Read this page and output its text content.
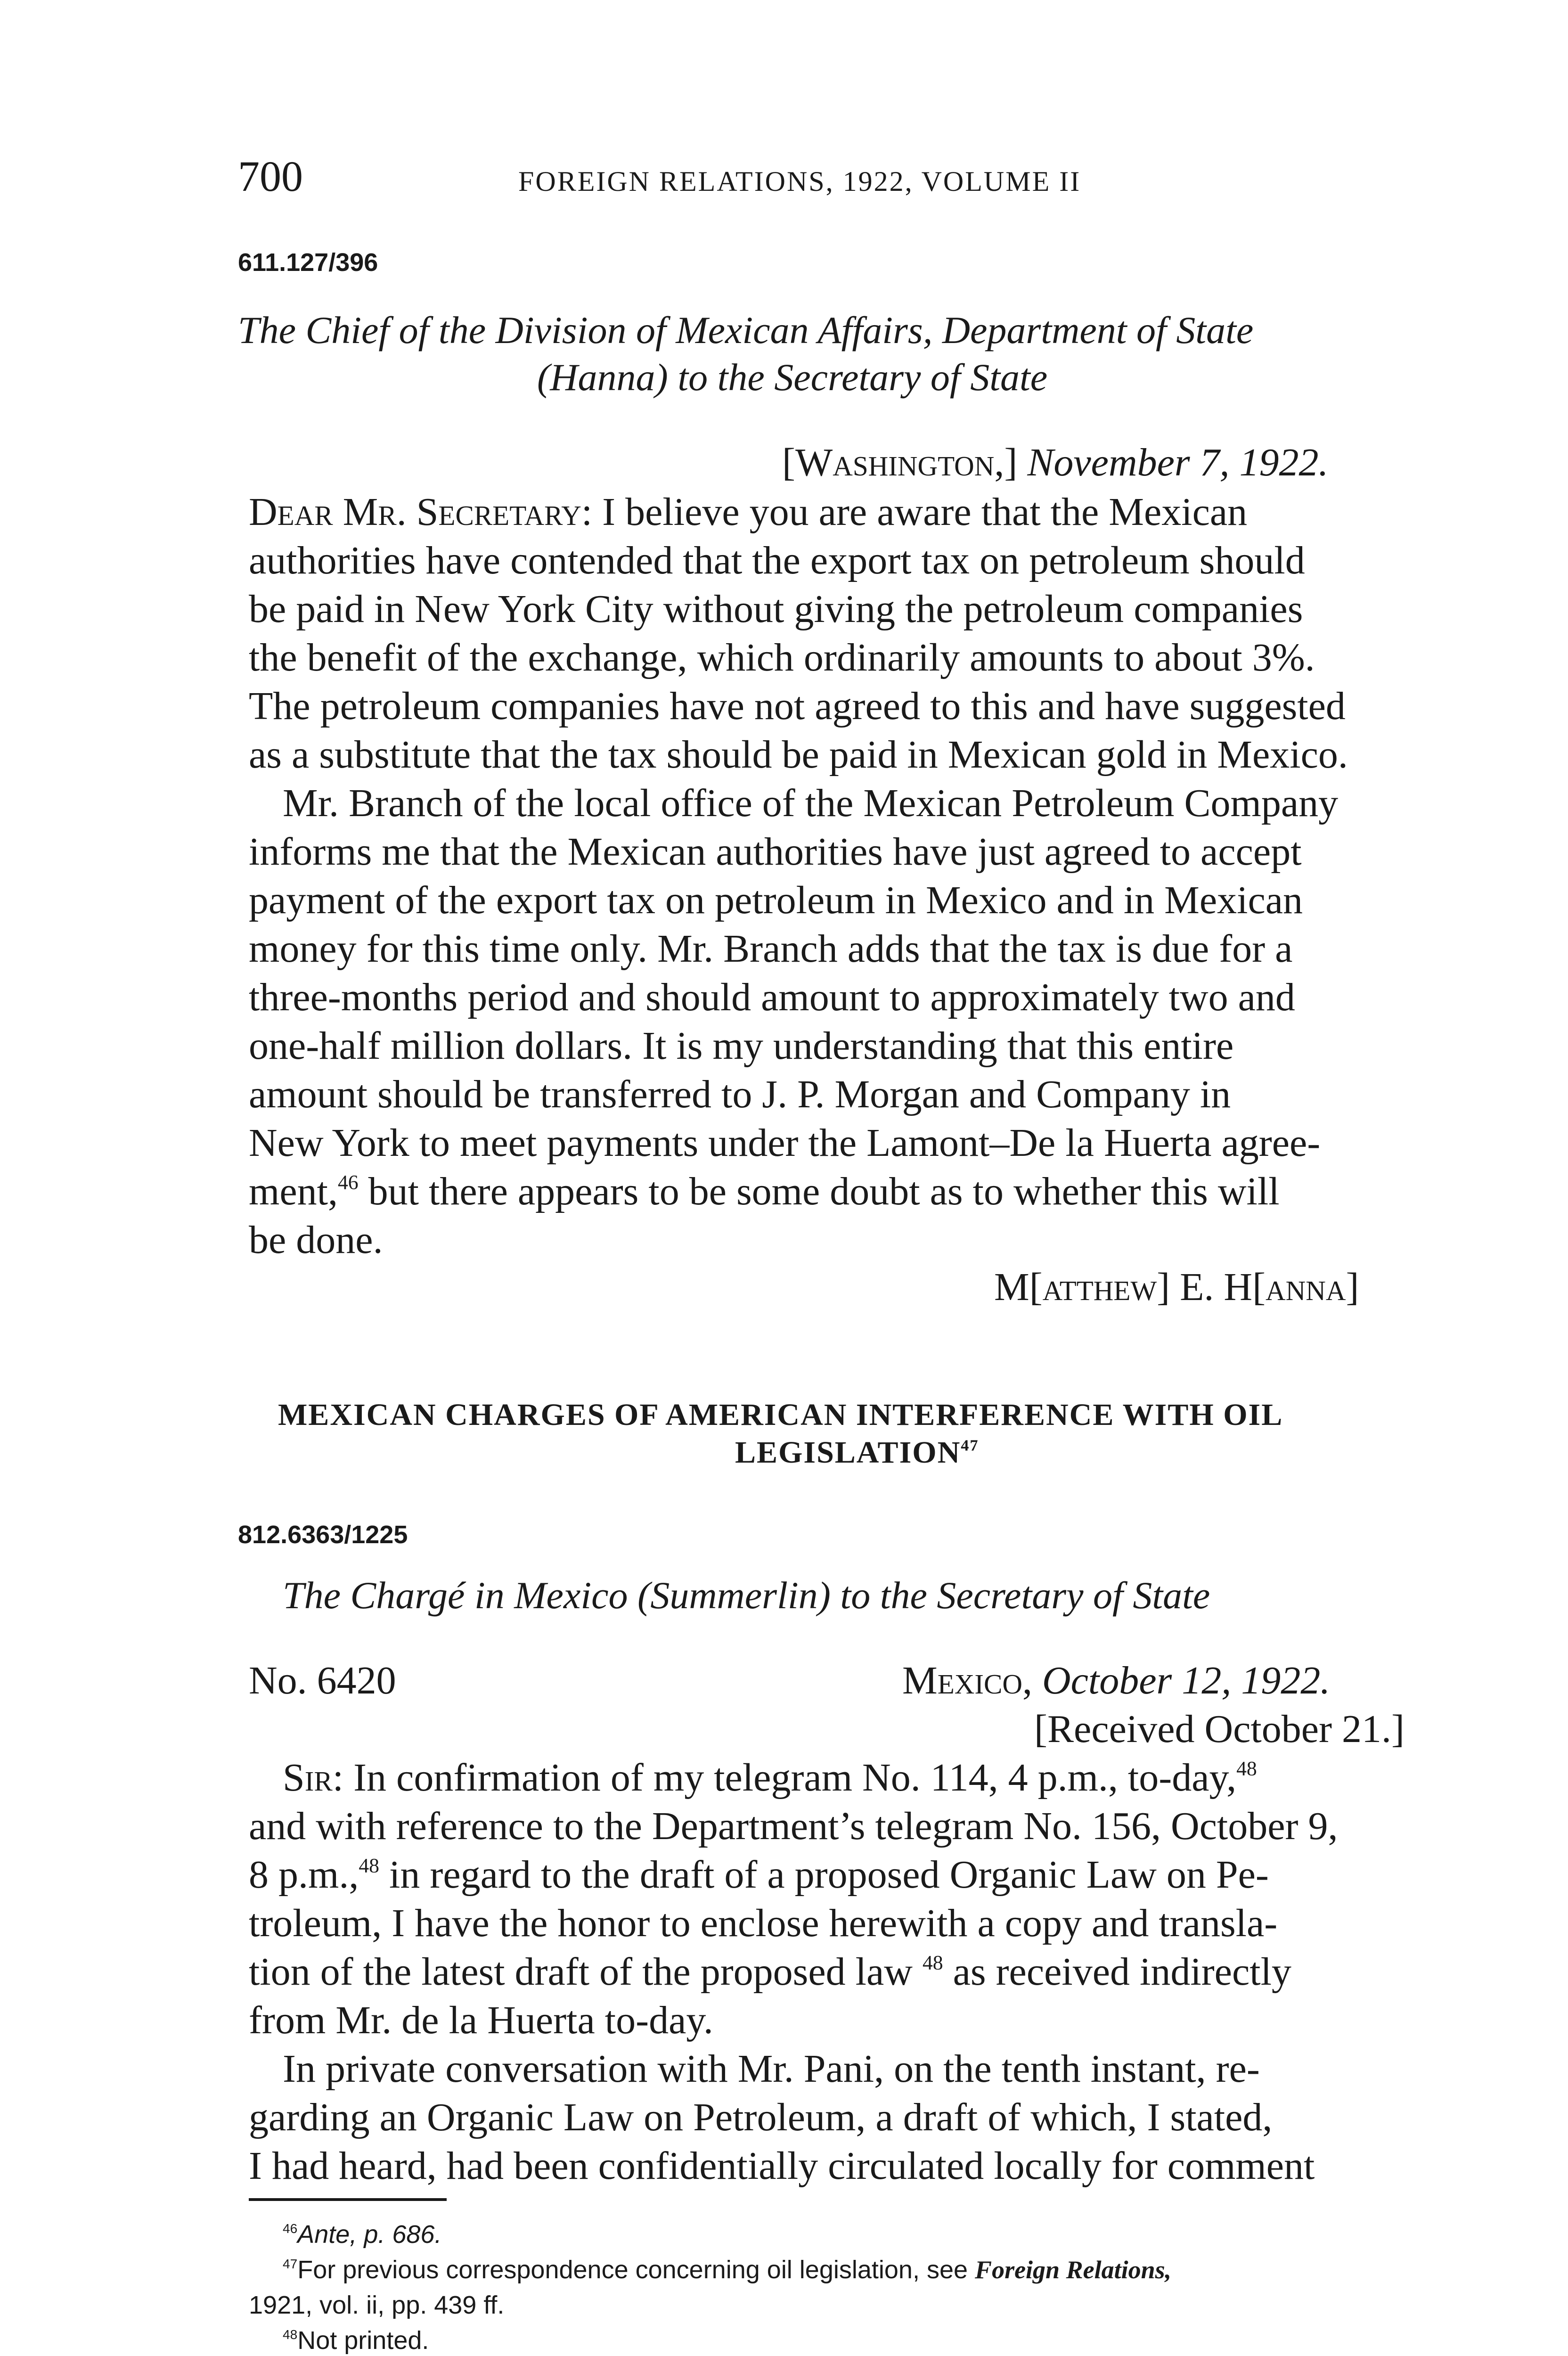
700	FOREIGN RELATIONS, 1922, VOLUME II
611.127/396
The Chief of the Division of Mexican Affairs, Department of State
(Hanna) to the Secretary of State
[Washington,] November 7, 1922.
Dear Mr. Secretary: I believe you are aware that the Mexican
authorities have contended that the export tax on petroleum should
be paid in New York City without giving the petroleum companies
the benefit of the exchange, which ordinarily amounts to about 3%.
The petroleum companies have not agreed to this and have suggested
as a substitute that the tax should be paid in Mexican gold in Mexico.
Mr. Branch of the local office of the Mexican Petroleum Company
informs me that the Mexican authorities have just agreed to accept
payment of the export tax on petroleum in Mexico and in Mexican
money for this time only. Mr. Branch adds that the tax is due for a
three-months period and should amount to approximately two and
one-half million dollars. It is my understanding that this entire
amount should be transferred to J. P. Morgan and Company in
New York to meet payments under the Lamont–De la Huerta agree-
ment,$^{46}$ but there appears to be some doubt as to whether this will
be done.
M[atthew] E. H[anna]
MEXICAN CHARGES OF AMERICAN INTERFERENCE WITH OIL
LEGISLATION$^{47}$
812.6363/1225
The Chargé in Mexico (Summerlin) to the Secretary of State
No. 6420	Mexico, October 12, 1922.
[Received October 21.]
Sir: In confirmation of my telegram No. 114, 4 p.m., to-day,$^{48}$
and with reference to the Department’s telegram No. 156, October 9,
8 p.m.,$^{48}$ in regard to the draft of a proposed Organic Law on Pe-
troleum, I have the honor to enclose herewith a copy and transla-
tion of the latest draft of the proposed law $^{48}$ as received indirectly
from Mr. de la Huerta to-day.
In private conversation with Mr. Pani, on the tenth instant, re-
garding an Organic Law on Petroleum, a draft of which, I stated,
I had heard, had been confidentially circulated locally for comment
$^{46}$Ante, p. 686.
$^{47}$For previous correspondence concerning oil legislation, see Foreign Relations,
1921, vol. ii, pp. 439 ff.
$^{48}$Not printed.
